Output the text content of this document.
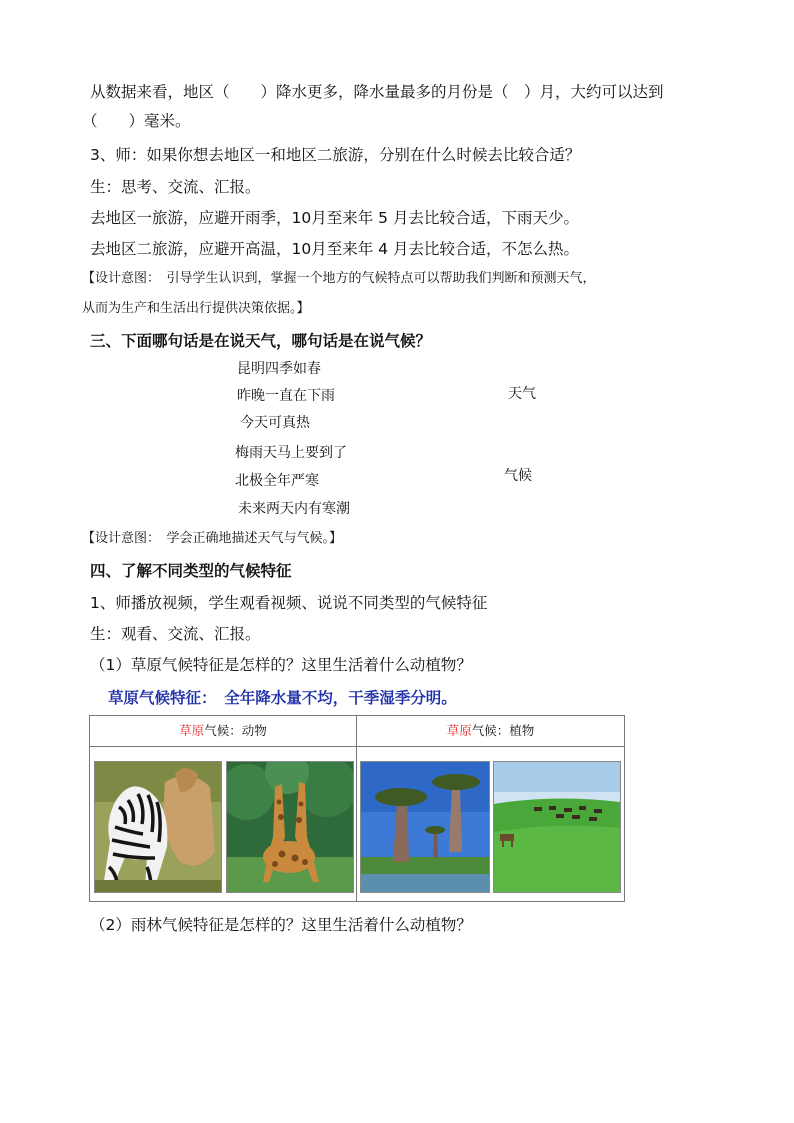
从数据来看，地区（　　）降水更多，降水量最多的月份是（　）月，大约可以达到
（　　）毫米。
3、师：如果你想去地区一和地区二旅游，分别在什么时候去比较合适？
生：思考、交流、汇报。
去地区一旅游，应避开雨季，10月至来年 5 月去比较合适，下雨天少。
去地区二旅游，应避开高温，10月至来年 4 月去比较合适，不怎么热。
【设计意图：　引导学生认识到，掌握一个地方的气候特点可以帮助我们判断和预测天气，
从而为生产和生活出行提供决策依据。】
三、下面哪句话是在说天气，哪句话是在说气候？
昆明四季如春
昨晚一直在下雨
今天可真热
梅雨天马上要到了
北极全年严寒
未来两天内有寒潮
天气
气候
【设计意图：　学会正确地描述天气与气候。】
四、了解不同类型的气候特征
1、师播放视频，学生观看视频、说说不同类型的气候特征
生：观看、交流、汇报。
（1）草原气候特征是怎样的？这里生活着什么动植物？
草原气候特征：　全年降水量不均，干季湿季分明。
草原气候：动物	草原气候：植物
（2）雨林气候特征是怎样的？这里生活着什么动植物？
